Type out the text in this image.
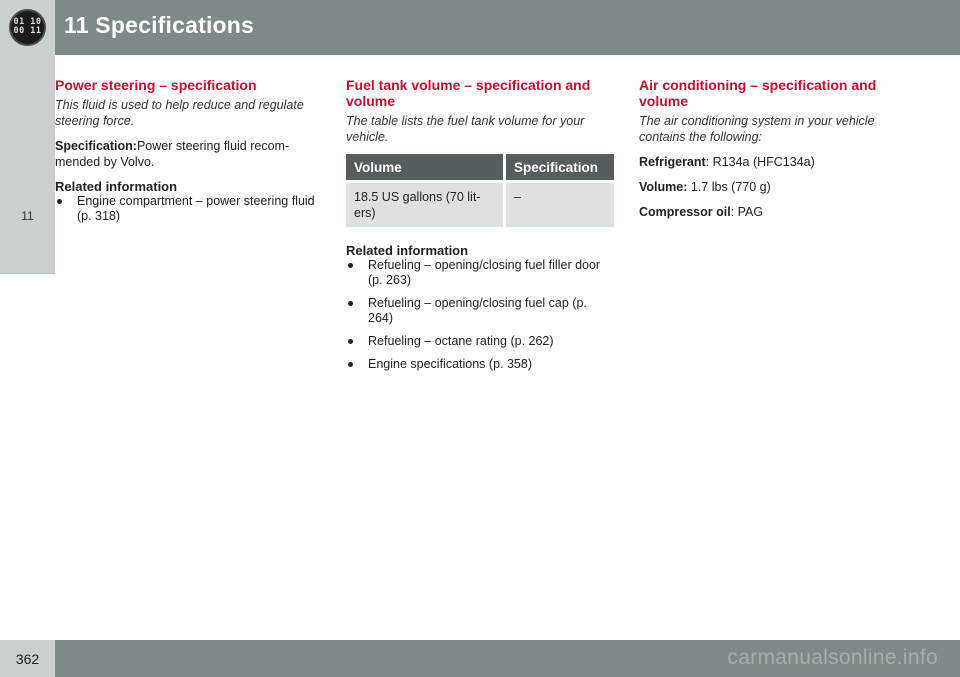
01 10
00 11 11 Specifications
11
Power steering – specification

This fluid is used to help reduce and regulate steering force.

Specification:Power steering fluid recom- mended by Volvo.

Related information
Engine compartment – power steering fluid (p. 318)
Fuel tank volume – specification and volume

The table lists the fuel tank volume for your vehicle.

Volume	Specification
18.5 US gallons (70 lit- ers)	–
Related information
Refueling – opening/closing fuel filler door (p. 263)
Refueling – opening/closing fuel cap (p. 264)
Refueling – octane rating (p. 262)
Engine specifications (p. 358)
Air conditioning – specification and volume

The air conditioning system in your vehicle contains the following:

Refrigerant: R134a (HFC134a)

Volume: 1.7 lbs (770 g)

Compressor oil: PAG

362	carmanualsonline.info
